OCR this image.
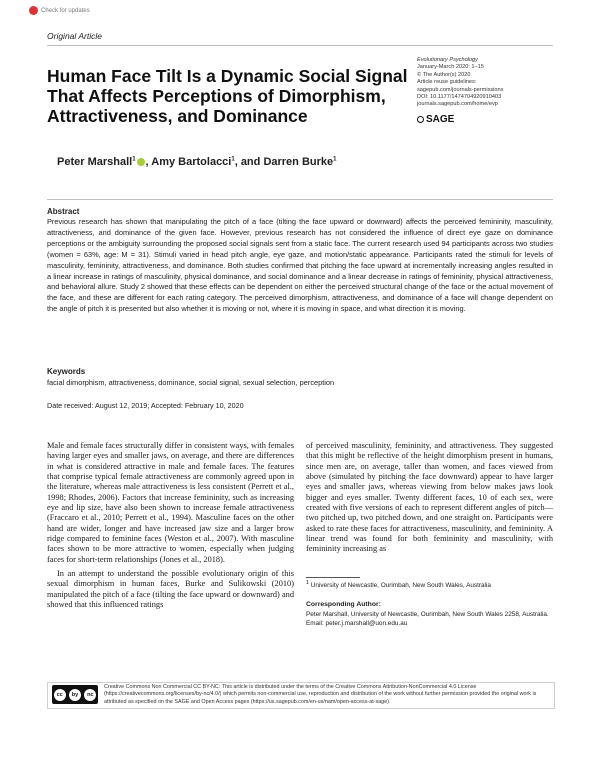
Check for updates
Original Article
Human Face Tilt Is a Dynamic Social Signal That Affects Perceptions of Dimorphism, Attractiveness, and Dominance
Evolutionary Psychology
January-March 2020: 1–15
© The Author(s) 2020
Article reuse guidelines:
sagepub.com/journals-permissions
DOI: 10.1177/1474704920910403
journals.sagepub.com/home/evp
SAGE
Peter Marshall$^1$ , Amy Bartolacci$^1$, and Darren Burke$^1$
Abstract
Previous research has shown that manipulating the pitch of a face (tilting the face upward or downward) affects the perceived femininity, masculinity, attractiveness, and dominance of the given face. However, previous research has not considered the influence of direct eye gaze on dominance perceptions or the ambiguity surrounding the proposed social signals sent from a static face. The current research used 94 participants across two studies (women = 63%, age: M = 31). Stimuli varied in head pitch angle, eye gaze, and motion/static appearance. Participants rated the stimuli for levels of masculinity, femininity, attractiveness, and dominance. Both studies confirmed that pitching the face upward at incrementally increasing angles resulted in a linear increase in ratings of masculinity, physical dominance, and social dominance and a linear decrease in ratings of femininity, physical attractiveness, and behavioral allure. Study 2 showed that these effects can be dependent on either the perceived structural change of the face or the actual movement of the face, and these are different for each rating category. The perceived dimorphism, attractiveness, and dominance of a face will change dependent on the angle of pitch it is presented but also whether it is moving or not, where it is moving in space, and what direction it is moving.
Keywords
facial dimorphism, attractiveness, dominance, social signal, sexual selection, perception
Date received: August 12, 2019; Accepted: February 10, 2020

Male and female faces structurally differ in consistent ways, with females having larger eyes and smaller jaws, on average, and there are differences in what is considered attractive in male and female faces. The features that comprise typical female attractiveness are commonly agreed upon in the literature, whereas male attractiveness is less consistent (Perrett et al., 1998; Rhodes, 2006). Factors that increase femininity, such as increasing eye and lip size, have also been shown to increase female attractiveness (Fraccaro et al., 2010; Perrett et al., 1994). Masculine faces on the other hand are wider, longer and have increased jaw size and a larger brow ridge compared to feminine faces (Weston et al., 2007). With masculine faces shown to be more attractive to women, especially when judging faces for short-term relationships (Jones et al., 2018).

In an attempt to understand the possible evolutionary origin of this sexual dimorphism in human faces, Burke and Sulikowski (2010) manipulated the pitch of a face (tilting the face upward or downward) and showed that this influenced ratings

of perceived masculinity, femininity, and attractiveness. They suggested that this might be reflective of the height dimorphism present in humans, since men are, on average, taller than women, and faces viewed from above (simulated by pitching the face downward) appear to have larger eyes and smaller jaws, whereas viewing from below makes jaws look bigger and eyes smaller. Twenty different faces, 10 of each sex, were created with five versions of each to represent different angles of pitch—two pitched up, two pitched down, and one straight on. Participants were asked to rate these faces for attractiveness, masculinity, and femininity. A linear trend was found for both femininity and masculinity, with femininity increasing as

$^1$ University of Newcastle, Ourimbah, New South Wales, Australia
Corresponding Author:
Peter Marshall, University of Newcastle, Ourimbah, New South Wales 2258, Australia.
Email: peter.j.marshall@uon.edu.au
cc	by	nc
Creative Commons Non Commercial CC BY-NC: This article is distributed under the terms of the Creative Commons Attribution-NonCommercial 4.0 License (https://creativecommons.org/licenses/by-nc/4.0/) which permits non-commercial use, reproduction and distribution of the work without further permission provided the original work is attributed as specified on the SAGE and Open Access pages (https://us.sagepub.com/en-us/nam/open-access-at-sage).
